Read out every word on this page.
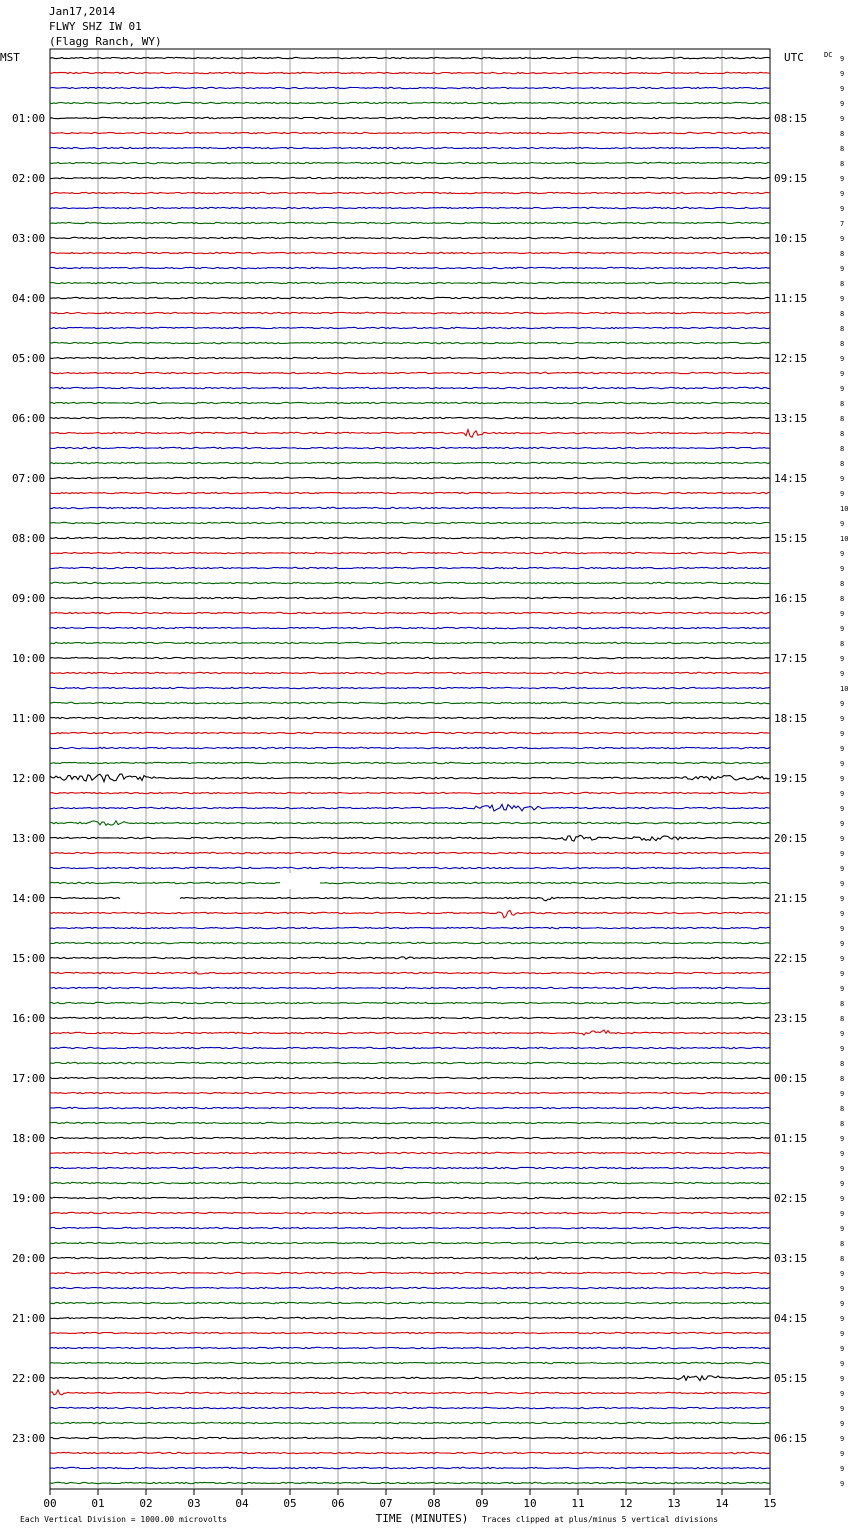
Jan17,2014
FLWY SHZ IW 01
(Flagg Ranch, WY)
9
9
9
9
9
8
8
8
9
9
9
7
9
8
9
8
9
8
8
8
9
9
9
8
8
8
8
8
9
9
10
9
10
9
9
8
8
9
9
8
9
9
10
9
9
9
9
9
9
9
9
9
9
9
9
9
9
9
9
9
9
9
9
8
8
9
9
8
8
9
8
8
9
9
9
9
9
9
9
8
8
9
9
9
9
9
9
9
9
9
9
9
9
9
9
9
MST	UTC	DC
01:00
02:00
03:00
04:00
05:00
06:00
07:00
08:00
09:00
10:00
11:00
12:00
13:00
14:00
15:00
16:00
17:00
18:00
19:00
20:00
21:00
22:00
23:00
08:15
09:15
10:15
11:15
12:15
13:15
14:15
15:15
16:15
17:15
18:15
19:15
20:15
21:15
22:15
23:15
00:15
01:15
02:15
03:15
04:15
05:15
06:15
00	01	02	03	04	05	06	07	08	09	10	11	12	13	14	15
TIME (MINUTES)
Each Vertical Division = 1000.00 microvolts	Traces clipped at plus/minus 5 vertical divisions
